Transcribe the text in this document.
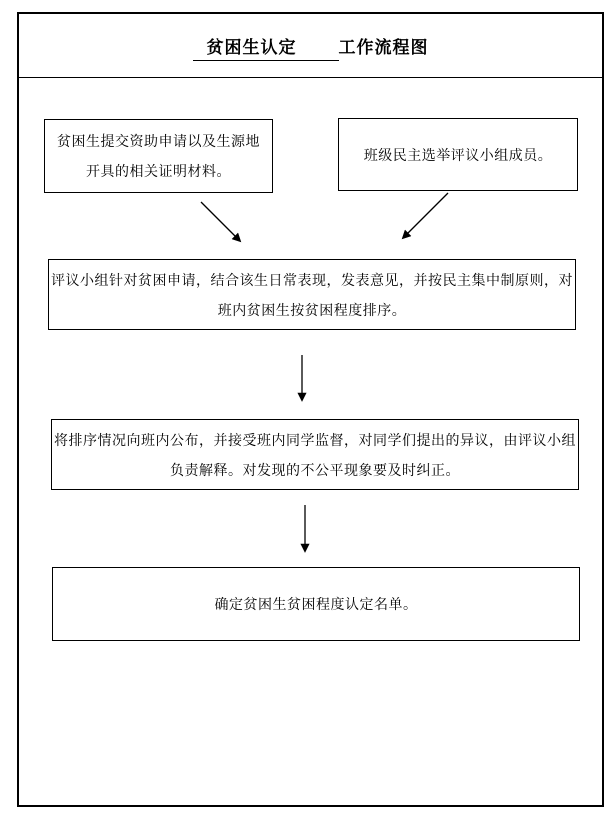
贫困生认定 工作流程图
贫困生提交资助申请以及生源地
开具的相关证明材料。
班级民主选举评议小组成员。
评议小组针对贫困申请，结合该生日常表现，发表意见，并按民主集中制原则，对
班内贫困生按贫困程度排序。
将排序情况向班内公布，并接受班内同学监督，对同学们提出的异议，由评议小组
负责解释。对发现的不公平现象要及时纠正。
确定贫困生贫困程度认定名单。
